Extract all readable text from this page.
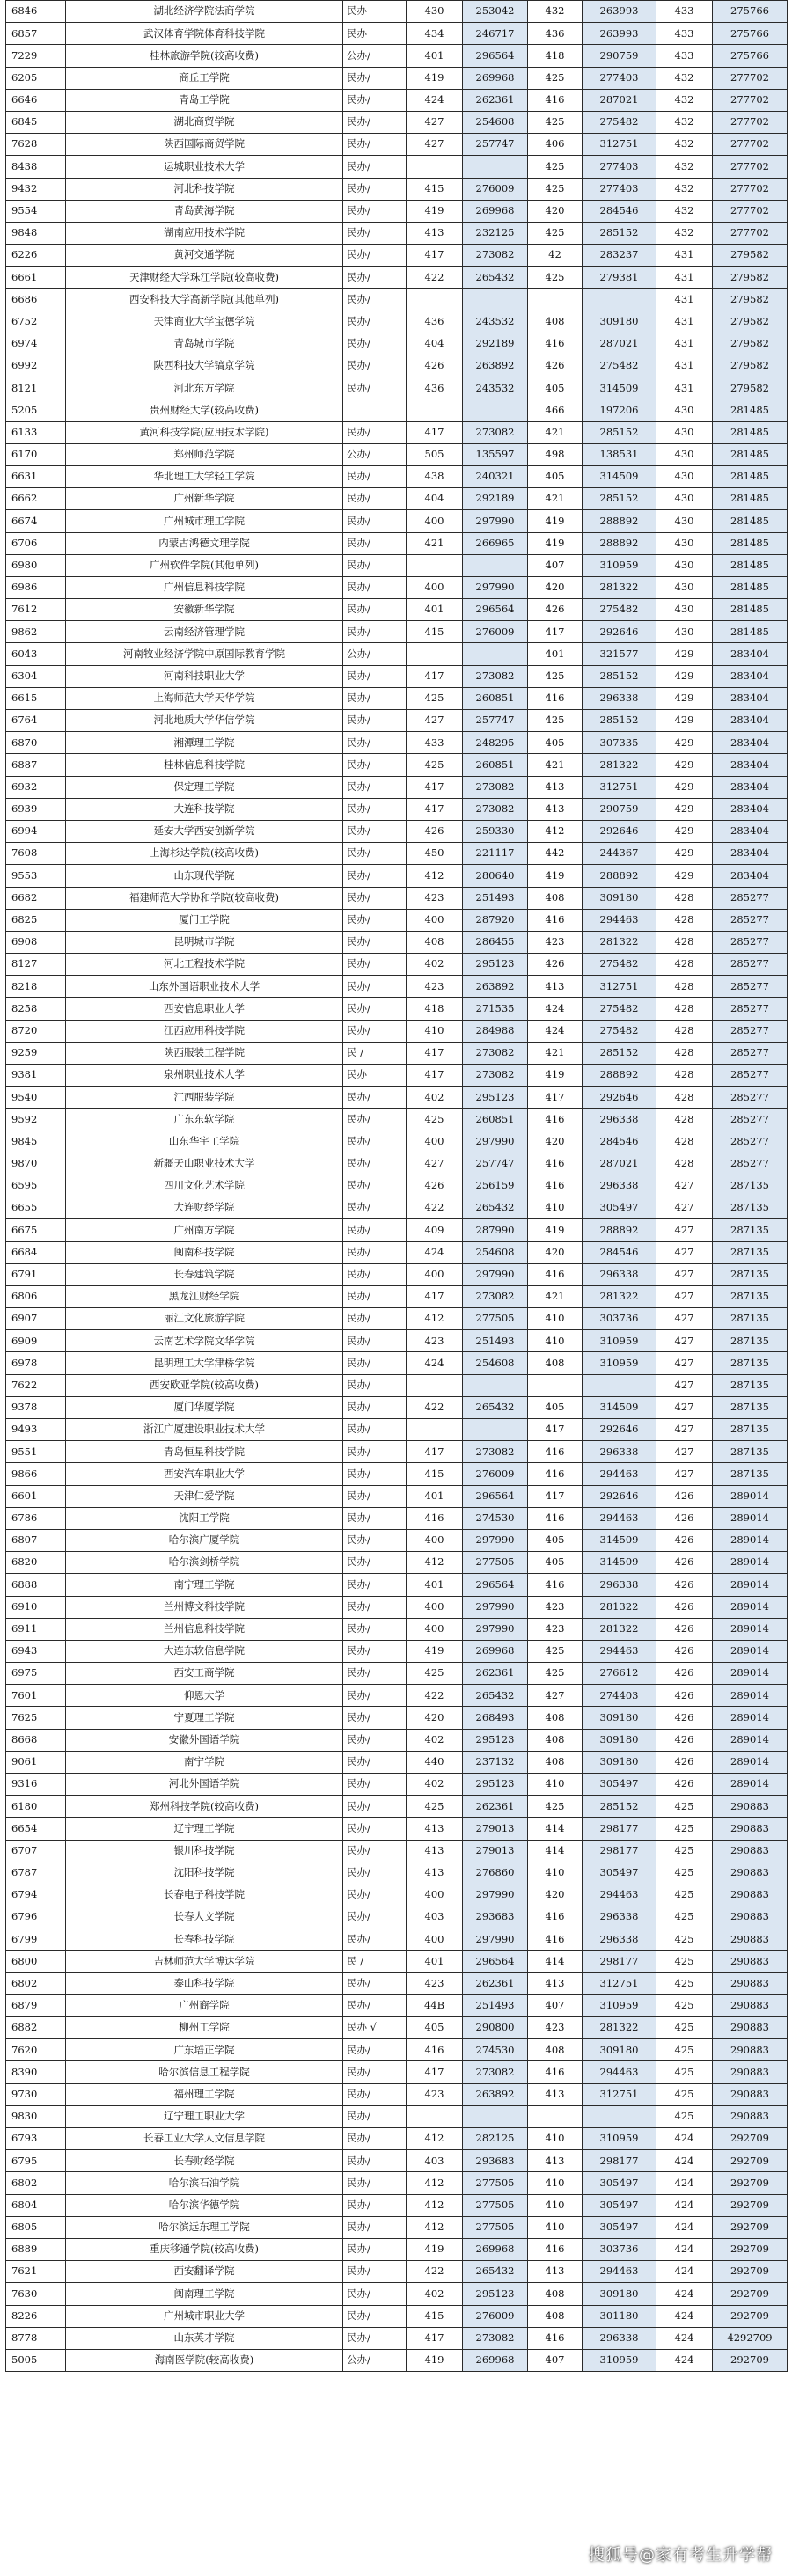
6846	湖北经济学院法商学院	民办	430	253042	432	263993	433	275766
6857	武汉体育学院体育科技学院	民办	434	246717	436	263993	433	275766
7229	桂林旅游学院(较高收费)	公办/	401	296564	418	290759	433	275766
6205	商丘工学院	民办/	419	269968	425	277403	432	277702
6646	青岛工学院	民办/	424	262361	416	287021	432	277702
6845	湖北商贸学院	民办/	427	254608	425	275482	432	277702
7628	陕西国际商贸学院	民办/	427	257747	406	312751	432	277702
8438	运城职业技术大学	民办/			425	277403	432	277702
9432	河北科技学院	民办/	415	276009	425	277403	432	277702
9554	青岛黄海学院	民办/	419	269968	420	284546	432	277702
9848	湖南应用技术学院	民办/	413	232125	425	285152	432	277702
6226	黄河交通学院	民办/	417	273082	42	283237	431	279582
6661	天津财经大学珠江学院(较高收费)	民办/	422	265432	425	279381	431	279582
6686	西安科技大学高新学院(其他单列)	民办/					431	279582
6752	天津商业大学宝德学院	民办/	436	243532	408	309180	431	279582
6974	青岛城市学院	民办/	404	292189	416	287021	431	279582
6992	陕西科技大学镐京学院	民办/	426	263892	426	275482	431	279582
8121	河北东方学院	民办/	436	243532	405	314509	431	279582
5205	贵州财经大学(较高收费)				466	197206	430	281485
6133	黄河科技学院(应用技术学院)	民办/	417	273082	421	285152	430	281485
6170	郑州师范学院	公办/	505	135597	498	138531	430	281485
6631	华北理工大学轻工学院	民办/	438	240321	405	314509	430	281485
6662	广州新华学院	民办/	404	292189	421	285152	430	281485
6674	广州城市理工学院	民办/	400	297990	419	288892	430	281485
6706	内蒙古鸿德文理学院	民办/	421	266965	419	288892	430	281485
6980	广州软件学院(其他单列)	民办/			407	310959	430	281485
6986	广州信息科技学院	民办/	400	297990	420	281322	430	281485
7612	安徽新华学院	民办/	401	296564	426	275482	430	281485
9862	云南经济管理学院	民办/	415	276009	417	292646	430	281485
6043	河南牧业经济学院中原国际教育学院	公办/			401	321577	429	283404
6304	河南科技职业大学	民办/	417	273082	425	285152	429	283404
6615	上海师范大学天华学院	民办/	425	260851	416	296338	429	283404
6764	河北地质大学华信学院	民办/	427	257747	425	285152	429	283404
6870	湘潭理工学院	民办/	433	248295	405	307335	429	283404
6887	桂林信息科技学院	民办/	425	260851	421	281322	429	283404
6932	保定理工学院	民办/	417	273082	413	312751	429	283404
6939	大连科技学院	民办/	417	273082	413	290759	429	283404
6994	延安大学西安创新学院	民办/	426	259330	412	292646	429	283404
7608	上海杉达学院(较高收费)	民办/	450	221117	442	244367	429	283404
9553	山东现代学院	民办/	412	280640	419	288892	429	283404
6682	福建师范大学协和学院(较高收费)	民办/	423	251493	408	309180	428	285277
6825	厦门工学院	民办/	400	287920	416	294463	428	285277
6908	昆明城市学院	民办/	408	286455	423	281322	428	285277
8127	河北工程技术学院	民办/	402	295123	426	275482	428	285277
8218	山东外国语职业技术大学	民办/	423	263892	413	312751	428	285277
8258	西安信息职业大学	民办/	418	271535	424	275482	428	285277
8720	江西应用科技学院	民办/	410	284988	424	275482	428	285277
9259	陕西服装工程学院	民 /	417	273082	421	285152	428	285277
9381	泉州职业技术大学	民办	417	273082	419	288892	428	285277
9540	江西服装学院	民办/	402	295123	417	292646	428	285277
9592	广东东软学院	民办/	425	260851	416	296338	428	285277
9845	山东华宇工学院	民办/	400	297990	420	284546	428	285277
9870	新疆天山职业技术大学	民办/	427	257747	416	287021	428	285277
6595	四川文化艺术学院	民办/	426	256159	416	296338	427	287135
6655	大连财经学院	民办/	422	265432	410	305497	427	287135
6675	广州南方学院	民办/	409	287990	419	288892	427	287135
6684	闽南科技学院	民办/	424	254608	420	284546	427	287135
6791	长春建筑学院	民办/	400	297990	416	296338	427	287135
6806	黑龙江财经学院	民办/	417	273082	421	281322	427	287135
6907	丽江文化旅游学院	民办/	412	277505	410	303736	427	287135
6909	云南艺术学院文华学院	民办/	423	251493	410	310959	427	287135
6978	昆明理工大学津桥学院	民办/	424	254608	408	310959	427	287135
7622	西安欧亚学院(较高收费)	民办/					427	287135
9378	厦门华厦学院	民办/	422	265432	405	314509	427	287135
9493	浙江广厦建设职业技术大学	民办/			417	292646	427	287135
9551	青岛恒星科技学院	民办/	417	273082	416	296338	427	287135
9866	西安汽车职业大学	民办/	415	276009	416	294463	427	287135
6601	天津仁爱学院	民办/	401	296564	417	292646	426	289014
6786	沈阳工学院	民办/	416	274530	416	294463	426	289014
6807	哈尔滨广厦学院	民办/	400	297990	405	314509	426	289014
6820	哈尔滨剑桥学院	民办/	412	277505	405	314509	426	289014
6888	南宁理工学院	民办/	401	296564	416	296338	426	289014
6910	兰州博文科技学院	民办/	400	297990	423	281322	426	289014
6911	兰州信息科技学院	民办/	400	297990	423	281322	426	289014
6943	大连东软信息学院	民办/	419	269968	425	294463	426	289014
6975	西安工商学院	民办/	425	262361	425	276612	426	289014
7601	仰恩大学	民办/	422	265432	427	274403	426	289014
7625	宁夏理工学院	民办/	420	268493	408	309180	426	289014
8668	安徽外国语学院	民办/	402	295123	408	309180	426	289014
9061	南宁学院	民办/	440	237132	408	309180	426	289014
9316	河北外国语学院	民办/	402	295123	410	305497	426	289014
6180	郑州科技学院(较高收费)	民办/	425	262361	425	285152	425	290883
6654	辽宁理工学院	民办/	413	279013	414	298177	425	290883
6707	银川科技学院	民办/	413	279013	414	298177	425	290883
6787	沈阳科技学院	民办/	413	276860	410	305497	425	290883
6794	长春电子科技学院	民办/	400	297990	420	294463	425	290883
6796	长春人文学院	民办/	403	293683	416	296338	425	290883
6799	长春科技学院	民办/	400	297990	416	296338	425	290883
6800	吉林师范大学博达学院	民 /	401	296564	414	298177	425	290883
6802	泰山科技学院	民办/	423	262361	413	312751	425	290883
6879	广州商学院	民办/	44B	251493	407	310959	425	290883
6882	柳州工学院	民办 √	405	290800	423	281322	425	290883
7620	广东培正学院	民办/	416	274530	408	309180	425	290883
8390	哈尔滨信息工程学院	民办/	417	273082	416	294463	425	290883
9730	福州理工学院	民办/	423	263892	413	312751	425	290883
9830	辽宁理工职业大学	民办/					425	290883
6793	长春工业大学人文信息学院	民办/	412	282125	410	310959	424	292709
6795	长春财经学院	民办/	403	293683	413	298177	424	292709
6802	哈尔滨石油学院	民办/	412	277505	410	305497	424	292709
6804	哈尔滨华德学院	民办/	412	277505	410	305497	424	292709
6805	哈尔滨远东理工学院	民办/	412	277505	410	305497	424	292709
6889	重庆移通学院(较高收费)	民办/	419	269968	416	303736	424	292709
7621	西安翻译学院	民办/	422	265432	413	294463	424	292709
7630	闽南理工学院	民办/	402	295123	408	309180	424	292709
8226	广州城市职业大学	民办/	415	276009	408	301180	424	292709
8778	山东英才学院	民办/	417	273082	416	296338	424	4292709
5005	海南医学院(较高收费)	公办/	419	269968	407	310959	424	292709
搜狐号@家有考生升学帮
